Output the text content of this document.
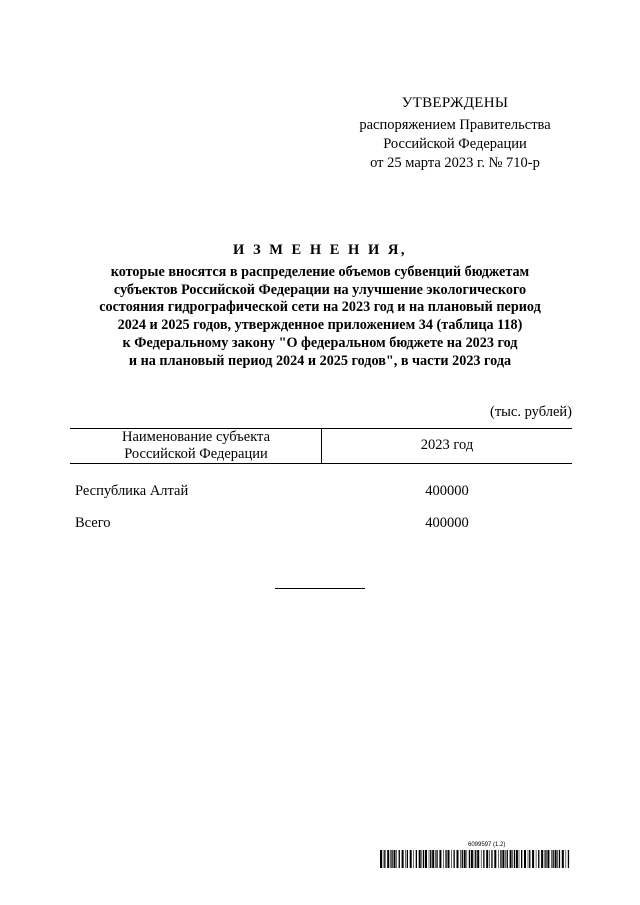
УТВЕРЖДЕНЫ
распоряжением Правительства
Российской Федерации
от 25 марта 2023 г. № 710-р
И З М Е Н Е Н И Я,
которые вносятся в распределение объемов субвенций бюджетам
субъектов Российской Федерации на улучшение экологического
состояния гидрографической сети на 2023 год и на плановый период
2024 и 2025 годов, утвержденное приложением 34 (таблица 118)
к Федеральному закону "О федеральном бюджете на 2023 год
и на плановый период 2024 и 2025 годов", в части 2023 года
(тыс. рублей)
Наименование субъекта
Российской Федерации
2023 год
Республика Алтай	400000
Всего	400000
6099597 (1.2)
